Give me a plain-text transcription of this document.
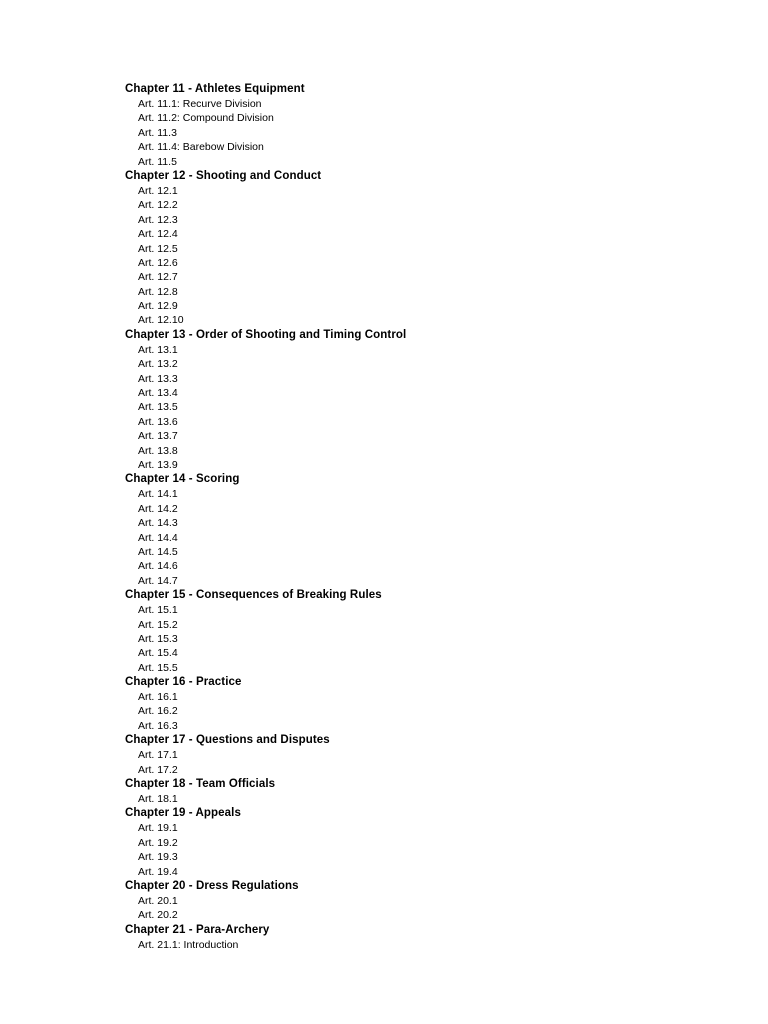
Chapter 11 - Athletes Equipment
Art. 11.1: Recurve Division
Art. 11.2: Compound Division
Art. 11.3
Art. 11.4: Barebow Division
Art. 11.5
Chapter 12 - Shooting and Conduct
Art. 12.1
Art. 12.2
Art. 12.3
Art. 12.4
Art. 12.5
Art. 12.6
Art. 12.7
Art. 12.8
Art. 12.9
Art. 12.10
Chapter 13 - Order of Shooting and Timing Control
Art. 13.1
Art. 13.2
Art. 13.3
Art. 13.4
Art. 13.5
Art. 13.6
Art. 13.7
Art. 13.8
Art. 13.9
Chapter 14 - Scoring
Art. 14.1
Art. 14.2
Art. 14.3
Art. 14.4
Art. 14.5
Art. 14.6
Art. 14.7
Chapter 15 - Consequences of Breaking Rules
Art. 15.1
Art. 15.2
Art. 15.3
Art. 15.4
Art. 15.5
Chapter 16 - Practice
Art. 16.1
Art. 16.2
Art. 16.3
Chapter 17 - Questions and Disputes
Art. 17.1
Art. 17.2
Chapter 18 - Team Officials
Art. 18.1
Chapter 19 - Appeals
Art. 19.1
Art. 19.2
Art. 19.3
Art. 19.4
Chapter 20 - Dress Regulations
Art. 20.1
Art. 20.2
Chapter 21 - Para-Archery
Art. 21.1: Introduction
